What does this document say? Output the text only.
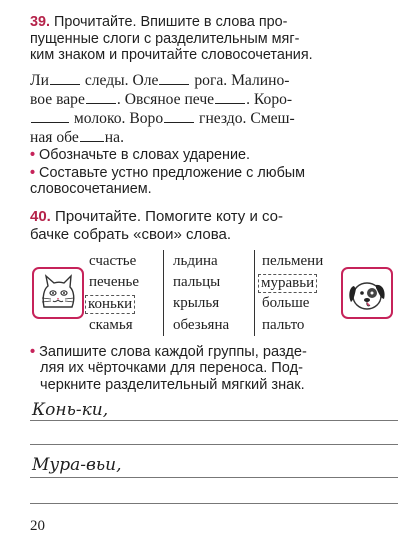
39. Прочитайте. Впишите в слова про-
пущенные слоги с разделительным мяг-
ким знаком и прочитайте словосочетания.
Ли следы. Оле рога. Малино-
вое варе . Овсяное пече . Коро-
молоко. Воро гнездо. Смеш-
ная обе на.
• Обозначьте в словах ударение.
• Составьте устно предложение с любым
словосочетанием.
40. Прочитайте. Помогите коту и со-
бачке собрать «свои» слова.
счастье
печенье
коньки
скамья
льдина
пальцы
крылья
обезьяна
пельмени
муравьи
больше
пальто
• Запишите слова каждой группы, разде-
ляя их чёрточками для переноса. Под-
черкните разделительный мягкий знак.
Конь-ки,
Мура-вьи,
20
